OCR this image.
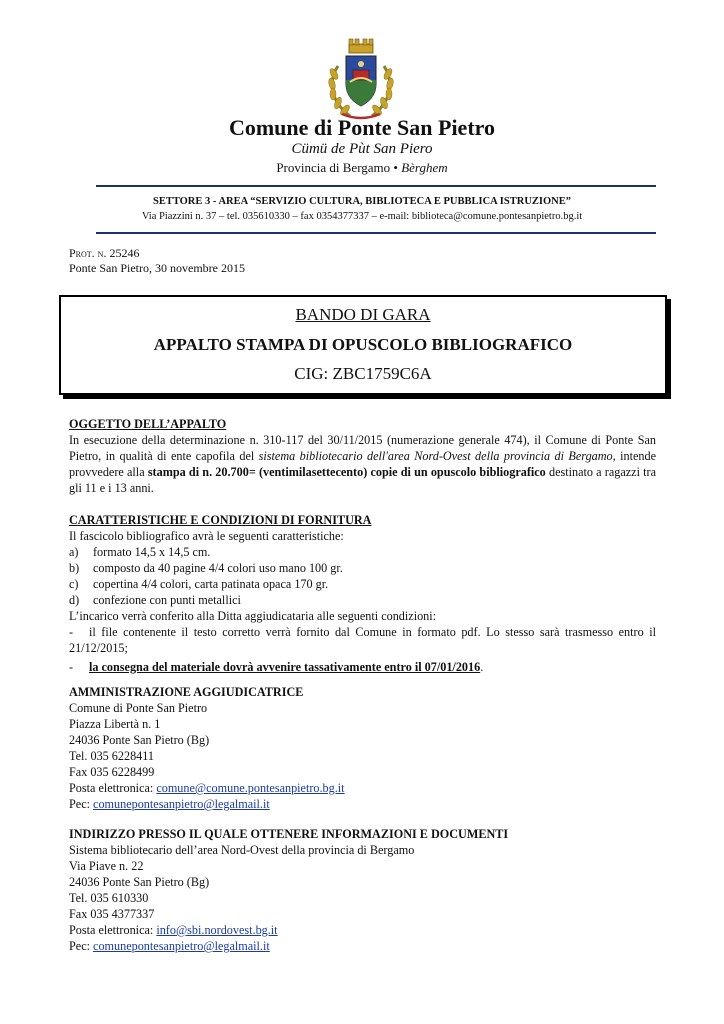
Comune di Ponte San Pietro
Cümü de Pùt San Piero
Provincia di Bergamo • Bèrghem
SETTORE 3 - AREA “SERVIZIO CULTURA, BIBLIOTECA E PUBBLICA ISTRUZIONE”
Via Piazzini n. 37 – tel. 035610330 – fax 0354377337 – e-mail: biblioteca@comune.pontesanpietro.bg.it
Prot. n. 25246
Ponte San Pietro, 30 novembre 2015
BANDO DI GARA
APPALTO STAMPA DI OPUSCOLO BIBLIOGRAFICO
CIG: ZBC1759C6A
OGGETTO DELL’APPALTO
In esecuzione della determinazione n. 310-117 del 30/11/2015 (numerazione generale 474), il Comune di Ponte San Pietro, in qualità di ente capofila del sistema bibliotecario dell'area Nord-Ovest della provincia di Bergamo, intende provvedere alla stampa di n. 20.700= (ventimilasettecento) copie di un opuscolo bibliografico destinato a ragazzi tra gli 11 e i 13 anni.
CARATTERISTICHE E CONDIZIONI DI FORNITURA
Il fascicolo bibliografico avrà le seguenti caratteristiche:
a) formato 14,5 x 14,5 cm.
b) composto da 40 pagine 4/4 colori uso mano 100 gr.
c) copertina 4/4 colori, carta patinata opaca 170 gr.
d) confezione con punti metallici
L’incarico verrà conferito alla Ditta aggiudicataria alle seguenti condizioni:
- il file contenente il testo corretto verrà fornito dal Comune in formato pdf. Lo stesso sarà trasmesso entro il 21/12/2015;
- la consegna del materiale dovrà avvenire tassativamente entro il 07/01/2016.
AMMINISTRAZIONE AGGIUDICATRICE
Comune di Ponte San Pietro
Piazza Libertà n. 1
24036 Ponte San Pietro (Bg)
Tel. 035 6228411
Fax 035 6228499
Posta elettronica: comune@comune.pontesanpietro.bg.it
Pec: comunepontesanpietro@legalmail.it
INDIRIZZO PRESSO IL QUALE OTTENERE INFORMAZIONI E DOCUMENTI
Sistema bibliotecario dell’area Nord-Ovest della provincia di Bergamo
Via Piave n. 22
24036 Ponte San Pietro (Bg)
Tel. 035 610330
Fax 035 4377337
Posta elettronica: info@sbi.nordovest.bg.it
Pec: comunepontesanpietro@legalmail.it
